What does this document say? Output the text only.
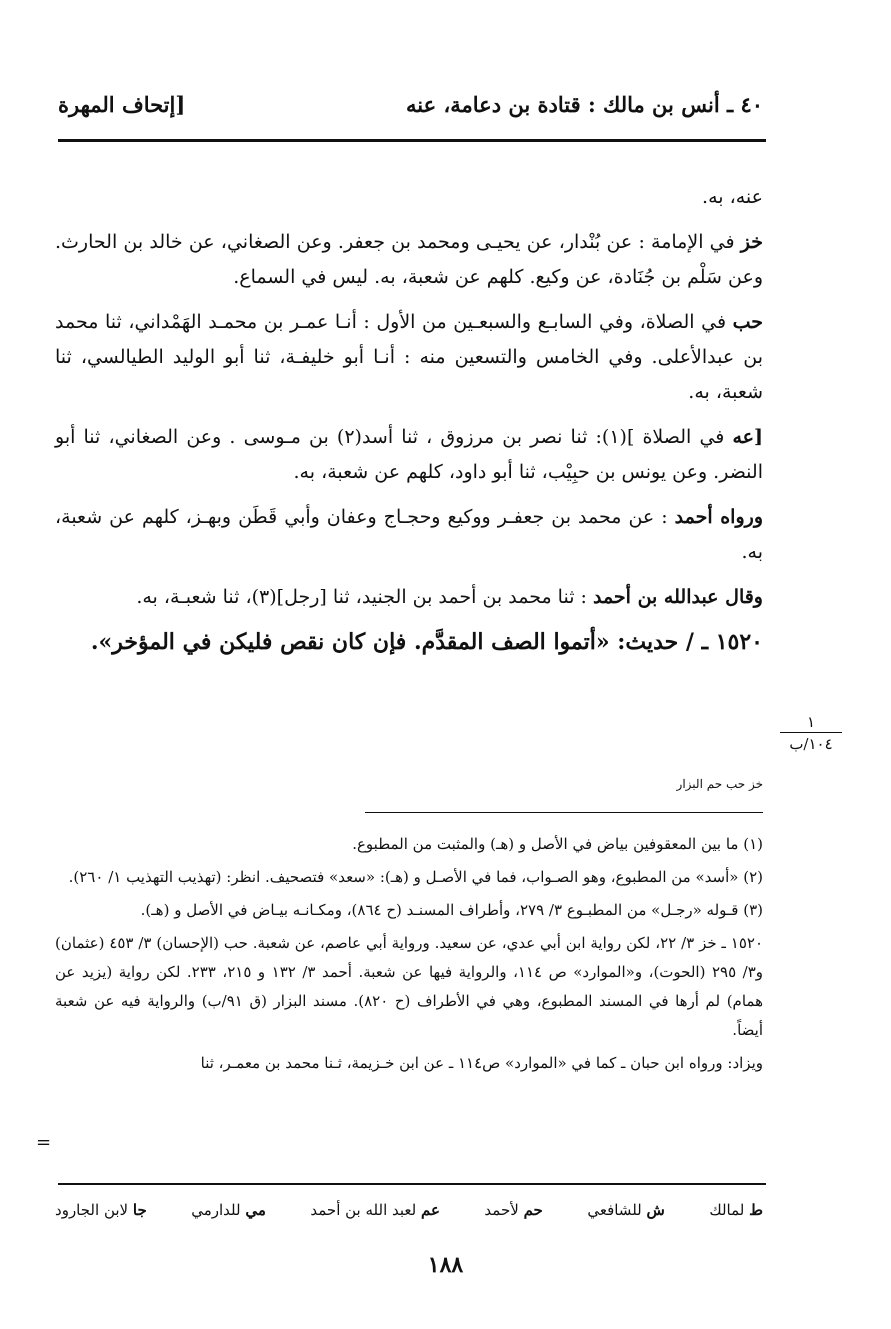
٤٠ ـ أنس بن مالك : قتادة بن دعامة، عنه
[إتحاف المهرة

عنه، به.

خز في الإمامة : عن بُنْدار، عن يحيـى ومحمد بن جعفر. وعن الصغاني، عن خالد بن الحارث. وعن سَلْم بن جُنَادة، عن وكيع. كلهم عن شعبة، به. ليس في السماع.

حب في الصلاة، وفي السابـع والسبعـين من الأول : أنـا عمـر بن محمـد الهَمْداني، ثنا محمد بن عبدالأعلى. وفي الخامس والتسعين منه : أنـا أبو خليفـة، ثنا أبو الوليد الطيالسي، ثنا شعبة، به.

[عه في الصلاة ](١): ثنا نصر بن مرزوق ، ثنا أسد(٢) بن مـوسى . وعن الصغاني، ثنا أبو النضر. وعن يونس بن حبِيْب، ثنا أبو داود، كلهم عن شعبة، به.

ورواه أحمد : عن محمد بن جعفـر ووكيع وحجـاج وعفان وأبي قَطَن وبهـز، كلهم عن شعبة، به.

وقال عبدالله بن أحمد : ثنا محمد بن أحمد بن الجنيد، ثنا [رجل](٣)، ثنا شعبـة، به.

١٥٢٠ ـ / حديث: «أتموا الصف المقدَّم. فإن كان نقص فليكن في المؤخر».
خز حب حم البزار
١
١٠٤/ب

(١) ما بين المعقوفين بياض في الأصل و (هـ) والمثبت من المطبوع.

(٢) «أسد» من المطبوع، وهو الصـواب، فما في الأصـل و (هـ): «سعد» فتصحيف. انظر: (تهذيب التهذيب ١/ ٢٦٠).

(٣) قـوله «رجـل» من المطبـوع ٣/ ٢٧٩، وأطراف المسنـد (ح ٨٦٤)، ومكـانـه بيـاض في الأصل و (هـ).

١٥٢٠ ـ خز ٣/ ٢٢، لكن رواية ابن أبي عدي، عن سعيد. ورواية أبي عاصم، عن شعبة. حب (الإحسان) ٣/ ٤٥٣ (عثمان) و٣/ ٢٩٥ (الحوت)، و«الموارد» ص ١١٤، والرواية فيها عن شعبة. أحمد ٣/ ١٣٢ و ٢١٥، ٢٣٣. لكن رواية (يزيد عن همام) لم أرها في المسند المطبوع، وهي في الأطراف (ح ٨٢٠). مسند البزار (ق ٩١/ب) والرواية فيه عن شعبة أيضاً.

ويزاد: ورواه ابن حبان ـ كما في «الموارد» ص١١٤ ـ عن ابن خـزيمة، ثـنا محمد بن معمـر، ثنا

=
ط لمالك
ش للشافعي
حم لأحمد
عم لعبد الله بن أحمد
مي للدارمي
جا لابن الجارود
١٨٨
